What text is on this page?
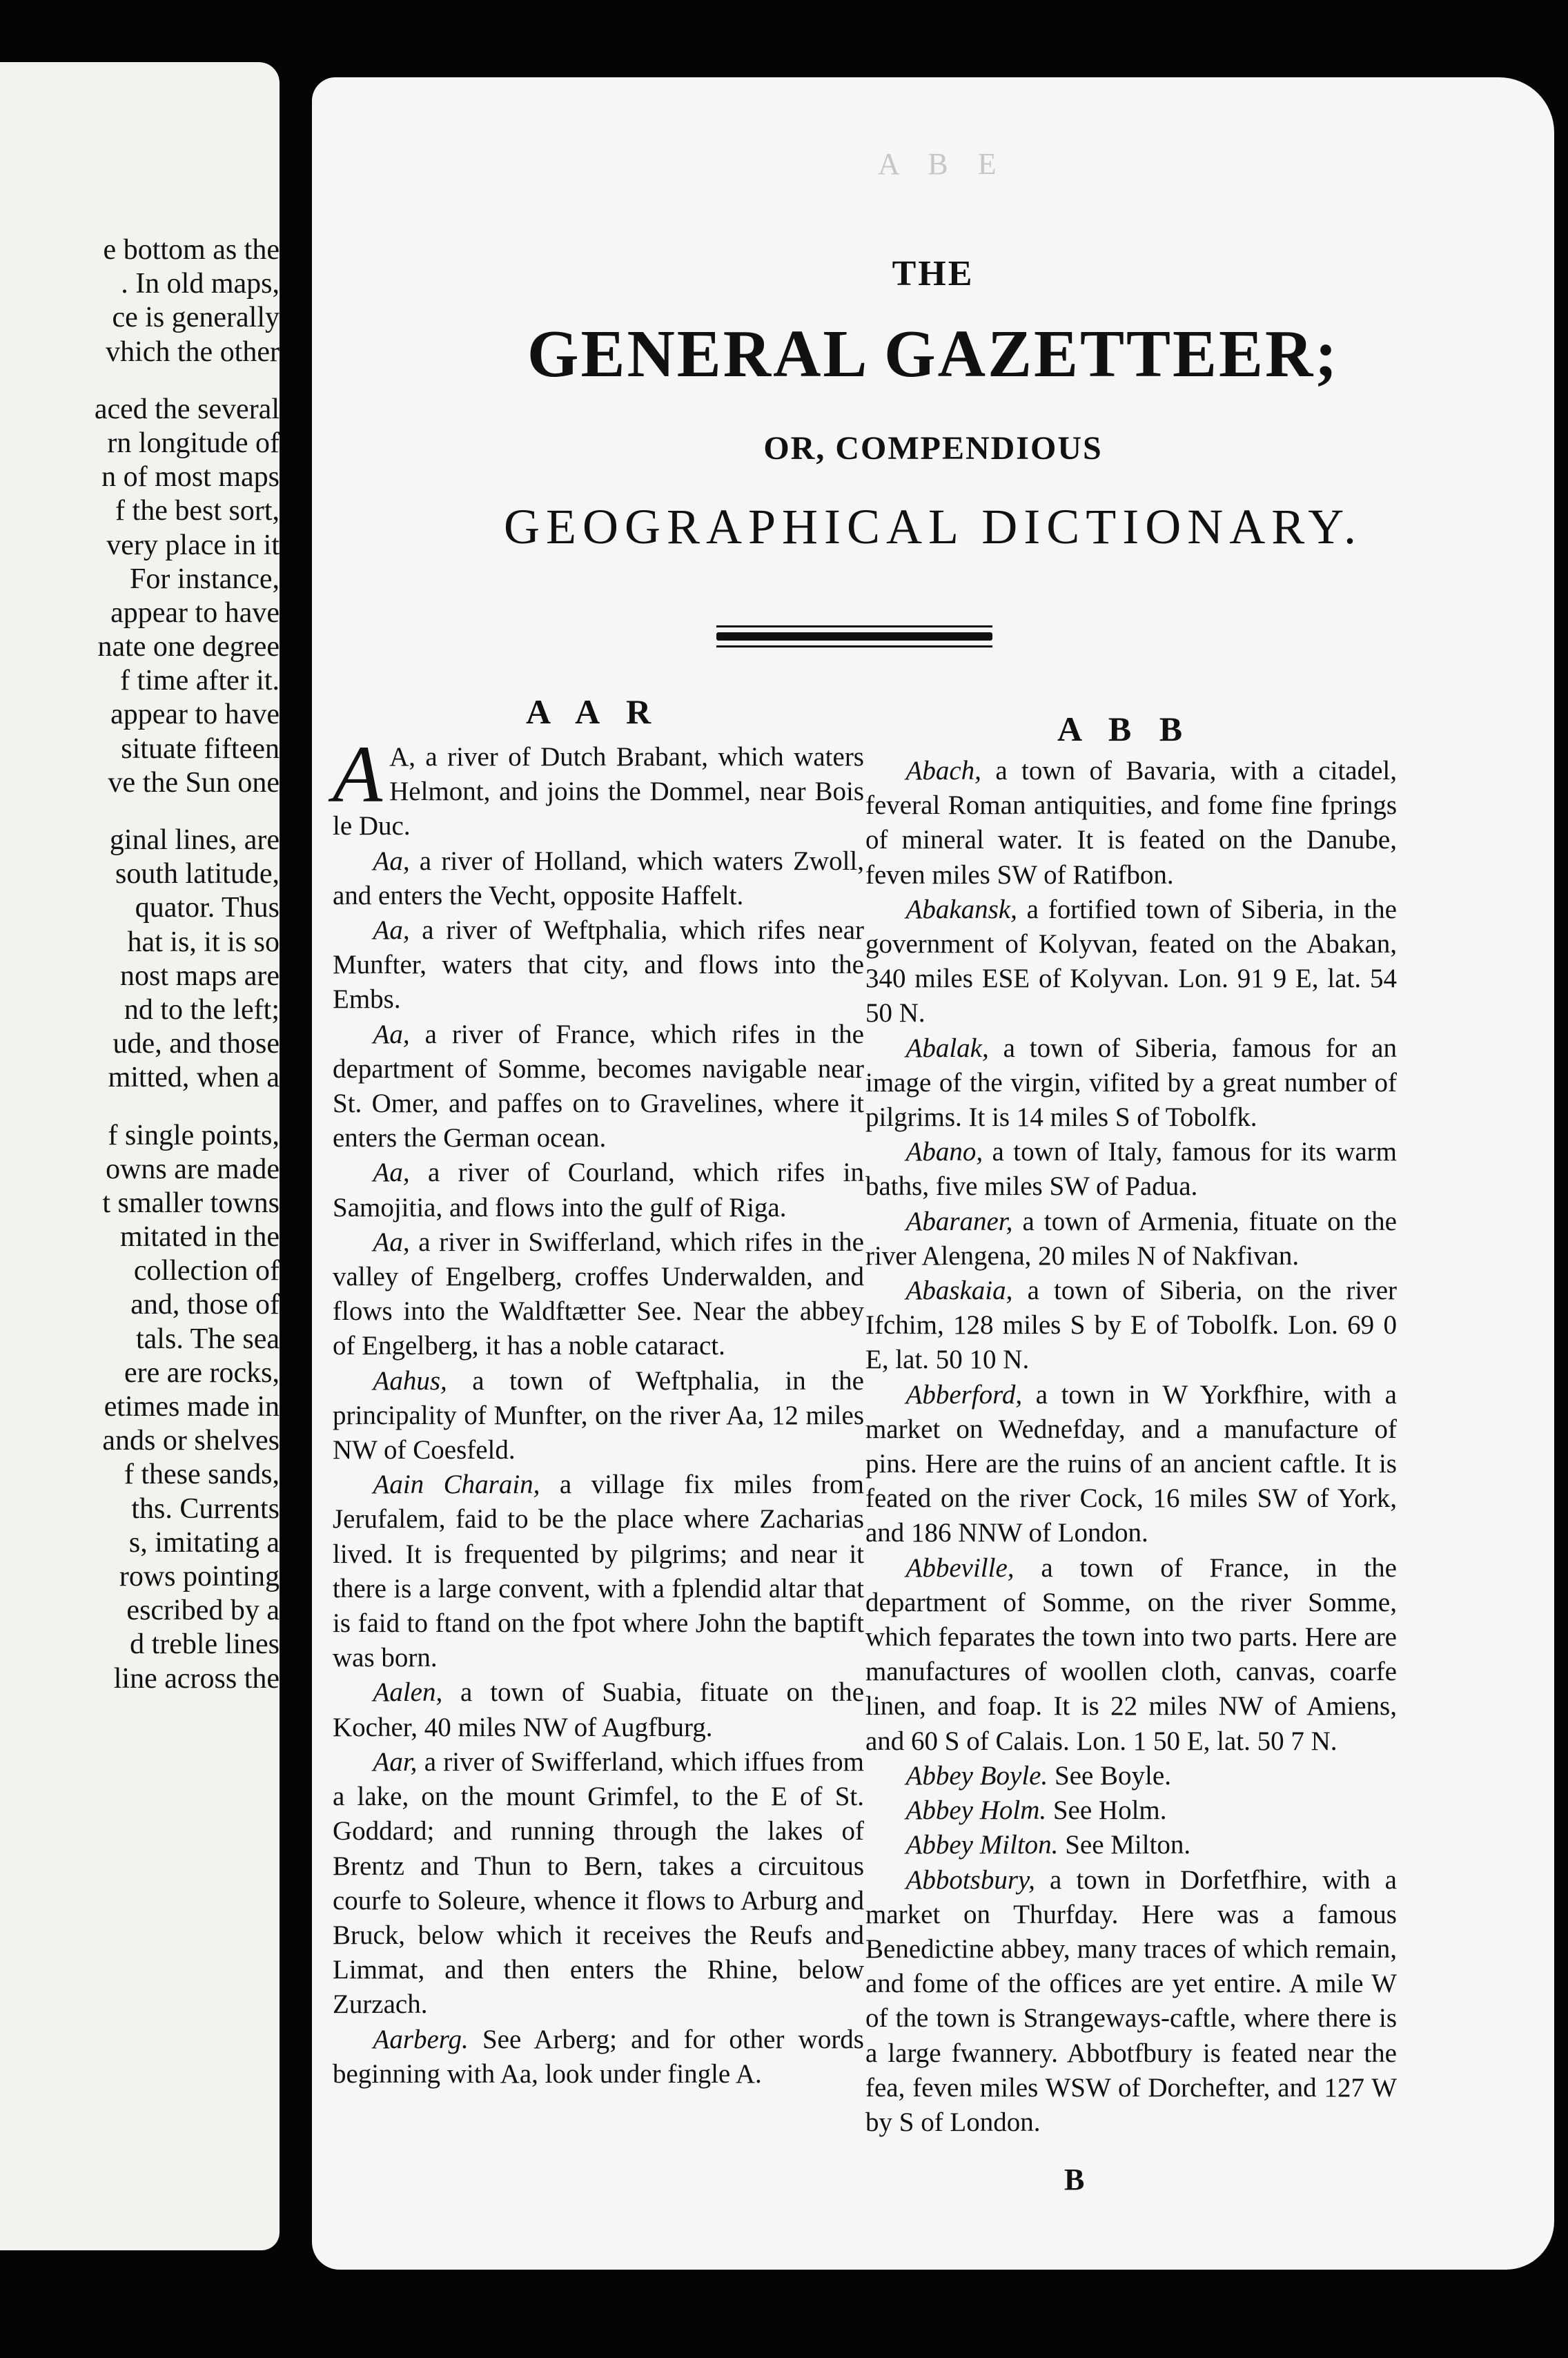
e bottom as the
. In old maps,
ce is generally
vhich the other
aced the several
rn longitude of
n of most maps
f the best sort,
very place in it
For instance,
appear to have
nate one degree
f time after it.
appear to have
situate fifteen
ve the Sun one
ginal lines, are
south latitude,
quator. Thus
hat is, it is so
nost maps are
nd to the left;
ude, and those
mitted, when a
f single points,
owns are made
t smaller towns
mitated in the
collection of
and, those of
tals. The sea
ere are rocks,
etimes made in
ands or shelves
f these sands,
ths. Currents
s, imitating a
rows pointing
escribed by a
d treble lines
line across the
A B E
THE
GENERAL GAZETTEER;
OR, COMPENDIOUS
GEOGRAPHICAL DICTIONARY.
A A R	A B B

A A, a river of Dutch Brabant, which waters Helmont, and joins the Dommel, near Bois le Duc.

Aa, a river of Holland, which waters Zwoll, and enters the Vecht, opposite Haffelt.

Aa, a river of Weftphalia, which rifes near Munfter, waters that city, and flows into the Embs.

Aa, a river of France, which rifes in the department of Somme, becomes navigable near St. Omer, and paffes on to Gravelines, where it enters the German ocean.

Aa, a river of Courland, which rifes in Samojitia, and flows into the gulf of Riga.

Aa, a river in Swifferland, which rifes in the valley of Engelberg, croffes Underwalden, and flows into the Waldftætter See. Near the abbey of Engelberg, it has a noble cataract.

Aahus, a town of Weftphalia, in the principality of Munfter, on the river Aa, 12 miles NW of Coesfeld.

Aain Charain, a village fix miles from Jerufalem, faid to be the place where Zacharias lived. It is frequented by pilgrims; and near it there is a large convent, with a fplendid altar that is faid to ftand on the fpot where John the baptift was born.

Aalen, a town of Suabia, fituate on the Kocher, 40 miles NW of Augfburg.

Aar, a river of Swifferland, which iffues from a lake, on the mount Grimfel, to the E of St. Goddard; and running through the lakes of Brentz and Thun to Bern, takes a circuitous courfe to Soleure, whence it flows to Arburg and Bruck, below which it receives the Reufs and Limmat, and then enters the Rhine, below Zurzach.

Aarberg. See Arberg; and for other words beginning with Aa, look under fingle A.

Abach, a town of Bavaria, with a citadel, feveral Roman antiquities, and fome fine fprings of mineral water. It is feated on the Danube, feven miles SW of Ratifbon.

Abakansk, a fortified town of Siberia, in the government of Kolyvan, feated on the Abakan, 340 miles ESE of Kolyvan. Lon. 91 9 E, lat. 54 50 N.

Abalak, a town of Siberia, famous for an image of the virgin, vifited by a great number of pilgrims. It is 14 miles S of Tobolfk.

Abano, a town of Italy, famous for its warm baths, five miles SW of Padua.

Abaraner, a town of Armenia, fituate on the river Alengena, 20 miles N of Nakfivan.

Abaskaia, a town of Siberia, on the river Ifchim, 128 miles S by E of Tobolfk. Lon. 69 0 E, lat. 50 10 N.

Abberford, a town in W Yorkfhire, with a market on Wednefday, and a manufacture of pins. Here are the ruins of an ancient caftle. It is feated on the river Cock, 16 miles SW of York, and 186 NNW of London.

Abbeville, a town of France, in the department of Somme, on the river Somme, which feparates the town into two parts. Here are manufactures of woollen cloth, canvas, coarfe linen, and foap. It is 22 miles NW of Amiens, and 60 S of Calais. Lon. 1 50 E, lat. 50 7 N.

Abbey Boyle. See Boyle.

Abbey Holm. See Holm.

Abbey Milton. See Milton.

Abbotsbury, a town in Dorfetfhire, with a market on Thurfday. Here was a famous Benedictine abbey, many traces of which remain, and fome of the offices are yet entire. A mile W of the town is Strangeways-caftle, where there is a large fwannery. Abbotfbury is feated near the fea, feven miles WSW of Dorchefter, and 127 W by S of London.

B
